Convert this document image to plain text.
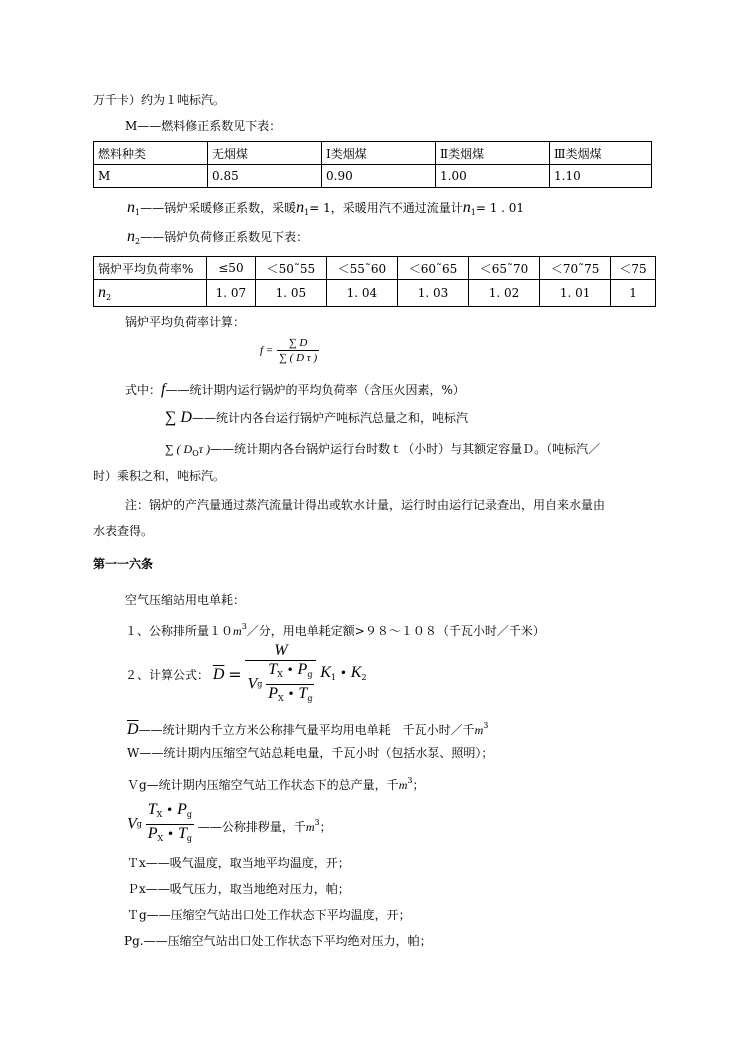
万千卡）约为１吨标汽。
M——燃料修正系数见下表：
燃料种类	无烟煤	Ⅰ类烟煤	Ⅱ类烟煤	Ⅲ类烟煤
M	0.85	0.90	1.00	1.10
$n_1——$锅炉采暖修正系数，采暖$n_1= 1$，采暖用汽不通过流量计$n_1= 1$ . 01
$n_2——$锅炉负荷修正系数见下表：
锅炉平均负荷率%	≤50	＜50˜55	＜55˜60	＜60˜65	＜65˜70	＜70˜75	＜75
$n_2$	1. 07	1. 05	1. 04	1. 03	1. 02	1. 01	1
锅炉平均负荷率计算：
$f = \frac{\sum D}{\text{∑ ( D τ )}}$
式中：f——统计期内运行锅炉的平均负荷率（含压火因素，%）
∑ D——统计内各台运行锅炉产吨标汽总量之和，吨标汽
∑ ( $D_O\tau$ )——统计期内各台锅炉运行台时数ｔ（小时）与其额定容量Ｄ。（吨标汽／
时）乘积之和，吨标汽。
注：锅炉的产汽量通过蒸汽流量计得出或软水计量，运行时由运行记录查出，用自来水量由
水表查得。
第一一六条
空气压缩站用电单耗：
１、公称排所量$10m^3/$分，用电单耗定额>９８～１０８（千瓦小时／千米）
２、计算公式： $\overline{D} = \frac{W}{Vg \frac{T_X • P_g}{P_X • T_g}} K_1$ • $K_2$
$\overline{D}——$统计期内千立方米公称排气量平均用电单耗　千瓦小时／千$m^3$
W——统计期内压缩空气站总耗电量，千瓦小时（包括水泵、照明）；
Ｖg—统计期内压缩空气站工作状态下的总产量，千$m^3$；
Vg $\frac{T_X • P_g}{P_X • T_g}$ ——公称排秽量，千$m^3$；
Ｔx——吸气温度，取当地平均温度，开；
Ｐx——吸气压力，取当地绝对压力，帕；
Ｔg——压缩空气站出口处工作状态下平均温度，开；
Pg.——压缩空气站出口处工作状态下平均绝对压力，帕；
